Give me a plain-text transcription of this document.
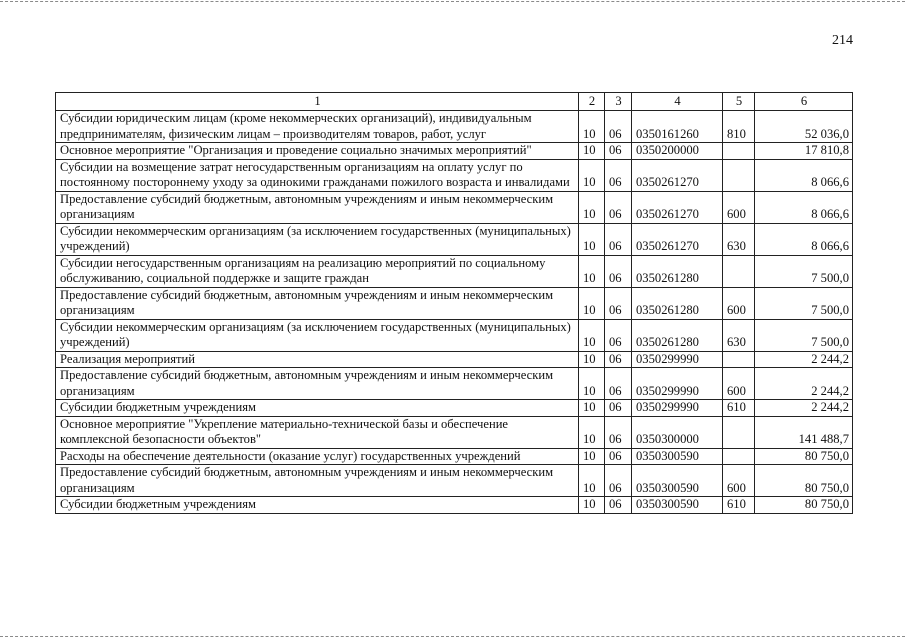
214
1	2	3	4	5	6
Субсидии юридическим лицам (кроме некоммерческих организаций), индивидуальным предпринимателям, физическим лицам – производителям товаров, работ, услуг	10	06	0350161260	810	52 036,0
Основное мероприятие "Организация и проведение социально значимых мероприятий"	10	06	0350200000		17 810,8
Субсидии на возмещение затрат негосударственным организациям на оплату услуг по постоянному постороннему уходу за одинокими гражданами пожилого возраста и инвалидами	10	06	0350261270		8 066,6
Предоставление субсидий бюджетным, автономным учреждениям и иным некоммерческим организациям	10	06	0350261270	600	8 066,6
Субсидии некоммерческим организациям (за исключением государственных (муниципальных) учреждений)	10	06	0350261270	630	8 066,6
Субсидии негосударственным организациям на реализацию мероприятий по социальному обслуживанию, социальной поддержке и защите граждан	10	06	0350261280		7 500,0
Предоставление субсидий бюджетным, автономным учреждениям и иным некоммерческим организациям	10	06	0350261280	600	7 500,0
Субсидии некоммерческим организациям (за исключением государственных (муниципальных) учреждений)	10	06	0350261280	630	7 500,0
Реализация мероприятий	10	06	0350299990		2 244,2
Предоставление субсидий бюджетным, автономным учреждениям и иным некоммерческим организациям	10	06	0350299990	600	2 244,2
Субсидии бюджетным учреждениям	10	06	0350299990	610	2 244,2
Основное мероприятие "Укрепление материально-технической базы и обеспечение комплексной безопасности объектов"	10	06	0350300000		141 488,7
Расходы на обеспечение деятельности (оказание услуг) государственных учреждений	10	06	0350300590		80 750,0
Предоставление субсидий бюджетным, автономным учреждениям и иным некоммерческим организациям	10	06	0350300590	600	80 750,0
Субсидии бюджетным учреждениям	10	06	0350300590	610	80 750,0
